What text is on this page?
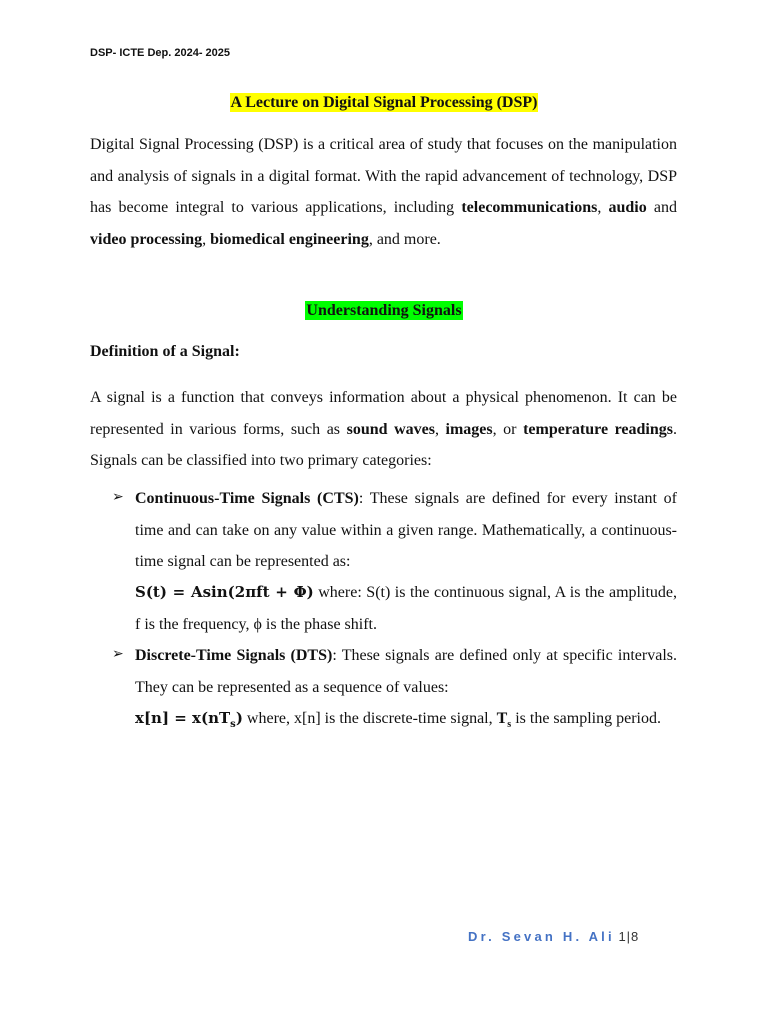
DSP- ICTE Dep. 2024- 2025
A Lecture on Digital Signal Processing (DSP)

Digital Signal Processing (DSP) is a critical area of study that focuses on the manipulation and analysis of signals in a digital format. With the rapid advancement of technology, DSP has become integral to various applications, including telecommunications, audio and video processing, biomedical engineering, and more.

Understanding Signals
Definition of a Signal:

A signal is a function that conveys information about a physical phenomenon. It can be represented in various forms, such as sound waves, images, or temperature readings. Signals can be classified into two primary categories:

➢ Continuous-Time Signals (CTS): These signals are defined for every instant of time and can take on any value within a given range. Mathematically, a continuous-time signal can be represented as:

S(t) = Asin(2πft + Φ) where: S(t) is the continuous signal, A is the amplitude, f is the frequency, ϕ is the phase shift.

➢ Discrete-Time Signals (DTS): These signals are defined only at specific intervals. They can be represented as a sequence of values:

$x[n] = x(nT_s)$ where, x[n] is the discrete-time signal, $T_s$ is the sampling period.

Dr. Sevan H. Ali 1|8
